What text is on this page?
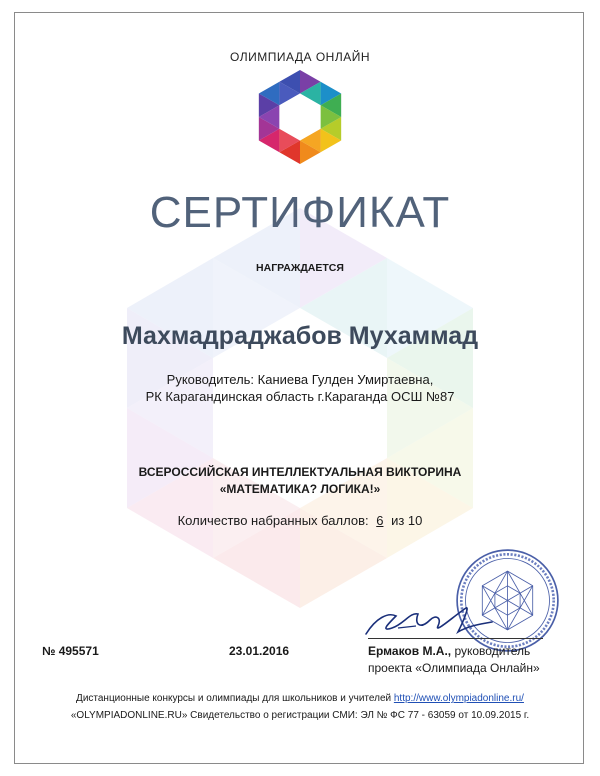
ОЛИМПИАДА ОНЛАЙН
СЕРТИФИКАТ
НАГРАЖДАЕТСЯ
Махмадраджабов Мухаммад
Руководитель: Каниева Гулден Умиртаевна,
РК Карагандинская область г.Караганда ОСШ №87
ВСЕРОССИЙСКАЯ ИНТЕЛЛЕКТУАЛЬНАЯ ВИКТОРИНА
«МАТЕМАТИКА? ЛОГИКА!»
Количество набранных баллов: 6 из 10
№ 495571	23.01.2016	Ермаков М.А., руководитель
проекта «Олимпиада Онлайн»
Дистанционные конкурсы и олимпиады для школьников и учителей http://www.olympiadonline.ru/
«OLYMPIADONLINE.RU» Свидетельство о регистрации СМИ: ЭЛ № ФС 77 - 63059 от 10.09.2015 г.
